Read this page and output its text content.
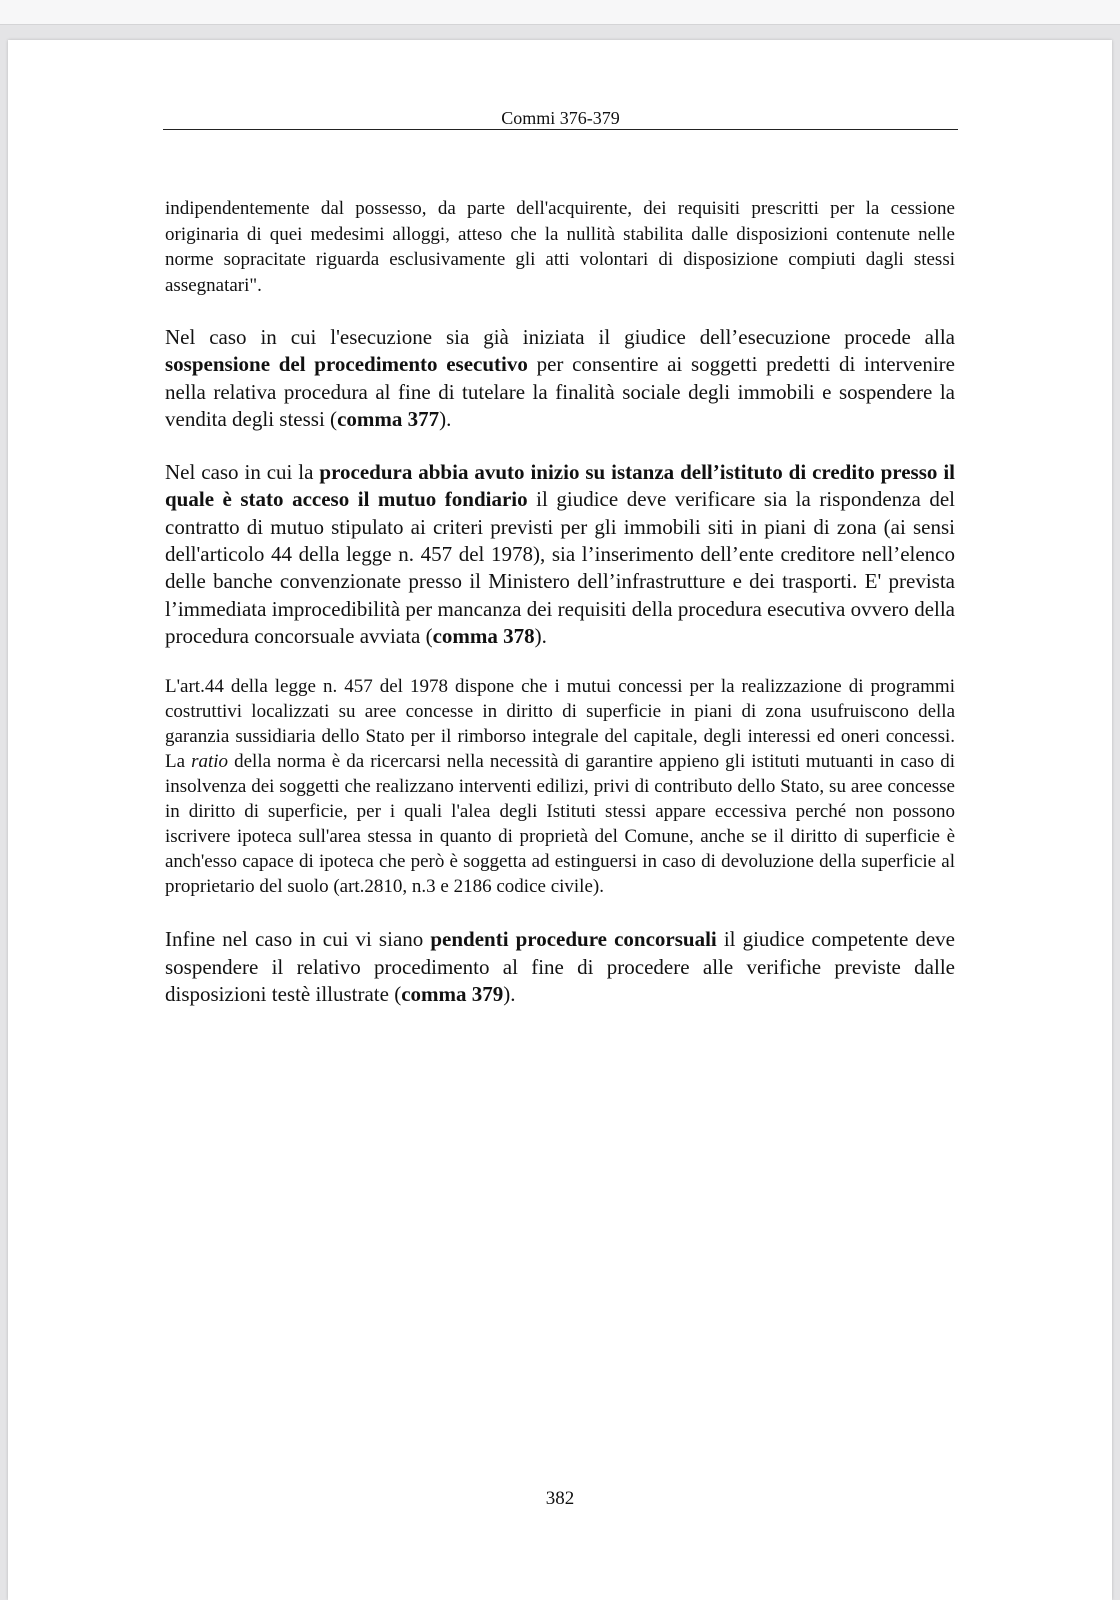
Commi 376-379

indipendentemente dal possesso, da parte dell'acquirente, dei requisiti prescritti per la cessione originaria di quei medesimi alloggi, atteso che la nullità stabilita dalle disposizioni contenute nelle norme sopracitate riguarda esclusivamente gli atti volontari di disposizione compiuti dagli stessi assegnatari".

Nel caso in cui l'esecuzione sia già iniziata il giudice dell’esecuzione procede alla sospensione del procedimento esecutivo per consentire ai soggetti predetti di intervenire nella relativa procedura al fine di tutelare la finalità sociale degli immobili e sospendere la vendita degli stessi (comma 377).

Nel caso in cui la procedura abbia avuto inizio su istanza dell’istituto di credito presso il quale è stato acceso il mutuo fondiario il giudice deve verificare sia la rispondenza del contratto di mutuo stipulato ai criteri previsti per gli immobili siti in piani di zona (ai sensi dell'articolo 44 della legge n. 457 del 1978), sia l’inserimento dell’ente creditore nell’elenco delle banche convenzionate presso il Ministero dell’infrastrutture e dei trasporti. E' prevista l’immediata improcedibilità per mancanza dei requisiti della procedura esecutiva ovvero della procedura concorsuale avviata (comma 378).

L'art.44 della legge n. 457 del 1978 dispone che i mutui concessi per la realizzazione di programmi costruttivi localizzati su aree concesse in diritto di superficie in piani di zona usufruiscono della garanzia sussidiaria dello Stato per il rimborso integrale del capitale, degli interessi ed oneri concessi. La ratio della norma è da ricercarsi nella necessità di garantire appieno gli istituti mutuanti in caso di insolvenza dei soggetti che realizzano interventi edilizi, privi di contributo dello Stato, su aree concesse in diritto di superficie, per i quali l'alea degli Istituti stessi appare eccessiva perché non possono iscrivere ipoteca sull'area stessa in quanto di proprietà del Comune, anche se il diritto di superficie è anch'esso capace di ipoteca che però è soggetta ad estinguersi in caso di devoluzione della superficie al proprietario del suolo (art.2810, n.3 e 2186 codice civile).

Infine nel caso in cui vi siano pendenti procedure concorsuali il giudice competente deve sospendere il relativo procedimento al fine di procedere alle verifiche previste dalle disposizioni testè illustrate (comma 379).

382
